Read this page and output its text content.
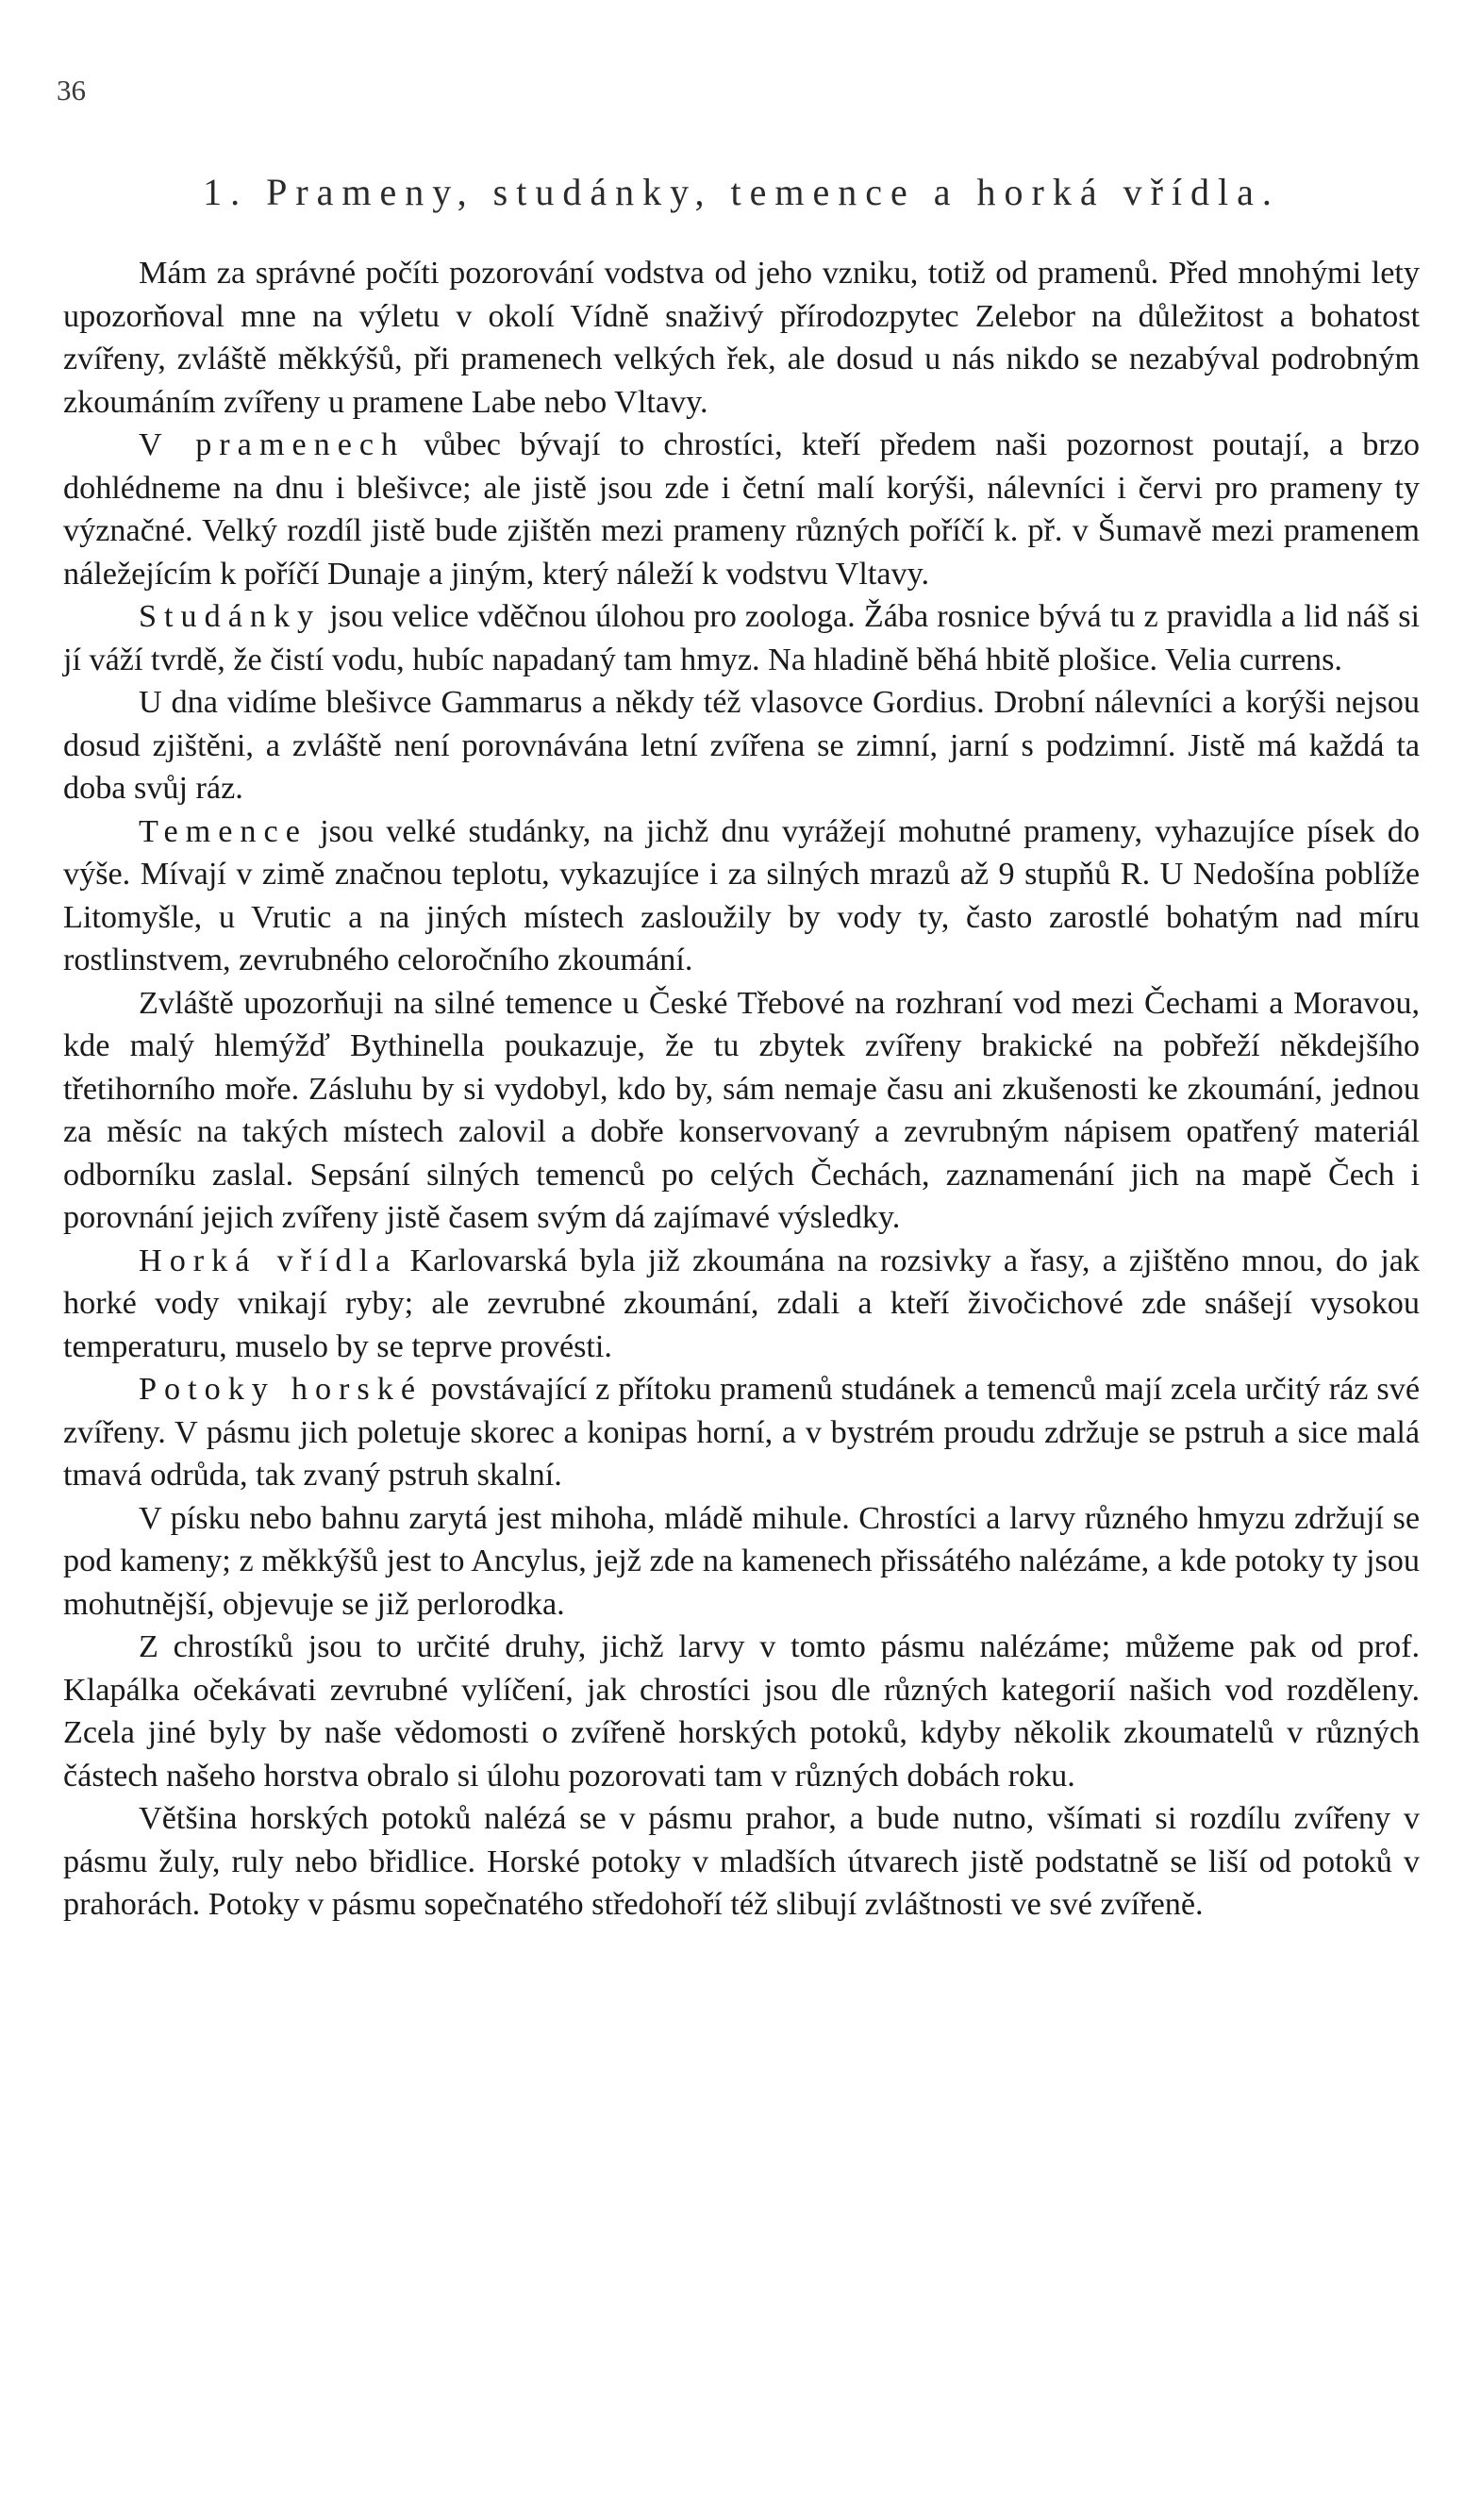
36
1. Prameny, studánky, temence a horká vřídla.

Mám za správné počíti pozorování vodstva od jeho vzniku, totiž od pramenů. Před mnohými lety upozorňoval mne na výletu v okolí Vídně snaživý přírodozpytec Zelebor na důležitost a bohatost zvířeny, zvláště měkkýšů, při pramenech velkých řek, ale dosud u nás nikdo se nezabýval podrobným zkoumáním zvířeny u pramene Labe nebo Vltavy.

V pramenech vůbec bývají to chrostíci, kteří předem naši pozornost poutají, a brzo dohlédneme na dnu i blešivce; ale jistě jsou zde i četní malí korýši, nálevníci i červi pro prameny ty význačné. Velký rozdíl jistě bude zjištěn mezi prameny různých poříčí k. př. v Šumavě mezi pramenem náležejícím k poříčí Dunaje a jiným, který náleží k vodstvu Vltavy.

Studánky jsou velice vděčnou úlohou pro zoologa. Žába rosnice bývá tu z pravidla a lid náš si jí váží tvrdě, že čistí vodu, hubíc napadaný tam hmyz. Na hladině běhá hbitě plošice. Velia currens.

U dna vidíme blešivce Gammarus a někdy též vlasovce Gordius. Drobní nálevníci a korýši nejsou dosud zjištěni, a zvláště není porovnávána letní zvířena se zimní, jarní s podzimní. Jistě má každá ta doba svůj ráz.

Temence jsou velké studánky, na jichž dnu vyrážejí mohutné prameny, vyhazujíce písek do výše. Mívají v zimě značnou teplotu, vykazujíce i za silných mrazů až 9 stupňů R. U Nedošína poblíže Litomyšle, u Vrutic a na jiných místech zasloužily by vody ty, často zarostlé bohatým nad míru rostlinstvem, zevrubného celoročního zkoumání.

Zvláště upozorňuji na silné temence u České Třebové na rozhraní vod mezi Čechami a Moravou, kde malý hlemýžď Bythinella poukazuje, že tu zbytek zvířeny brakické na pobřeží někdejšího třetihorního moře. Zásluhu by si vydobyl, kdo by, sám nemaje času ani zkušenosti ke zkoumání, jednou za měsíc na takých místech zalovil a dobře konservovaný a zevrubným nápisem opatřený materiál odborníku zaslal. Sepsání silných temenců po celých Čechách, zaznamenání jich na mapě Čech i porovnání jejich zvířeny jistě časem svým dá zajímavé výsledky.

Horká vřídla Karlovarská byla již zkoumána na rozsivky a řasy, a zjištěno mnou, do jak horké vody vnikají ryby; ale zevrubné zkoumání, zdali a kteří živočichové zde snášejí vysokou temperaturu, muselo by se teprve provésti.

Potoky horské povstávající z přítoku pramenů studánek a temenců mají zcela určitý ráz své zvířeny. V pásmu jich poletuje skorec a konipas horní, a v bystrém proudu zdržuje se pstruh a sice malá tmavá odrůda, tak zvaný pstruh skalní.

V písku nebo bahnu zarytá jest mihoha, mládě mihule. Chrostíci a larvy různého hmyzu zdržují se pod kameny; z měkkýšů jest to Ancylus, jejž zde na kamenech přissátého nalézáme, a kde potoky ty jsou mohutnější, objevuje se již perlorodka.

Z chrostíků jsou to určité druhy, jichž larvy v tomto pásmu nalézáme; můžeme pak od prof. Klapálka očekávati zevrubné vylíčení, jak chrostíci jsou dle různých kategorií našich vod rozděleny. Zcela jiné byly by naše vědomosti o zvířeně horských potoků, kdyby několik zkoumatelů v různých částech našeho horstva obralo si úlohu pozorovati tam v různých dobách roku.

Většina horských potoků nalézá se v pásmu prahor, a bude nutno, všímati si rozdílu zvířeny v pásmu žuly, ruly nebo břidlice. Horské potoky v mladších útvarech jistě podstatně se liší od potoků v prahorách. Potoky v pásmu sopečnatého středohoří též slibují zvláštnosti ve své zvířeně.
